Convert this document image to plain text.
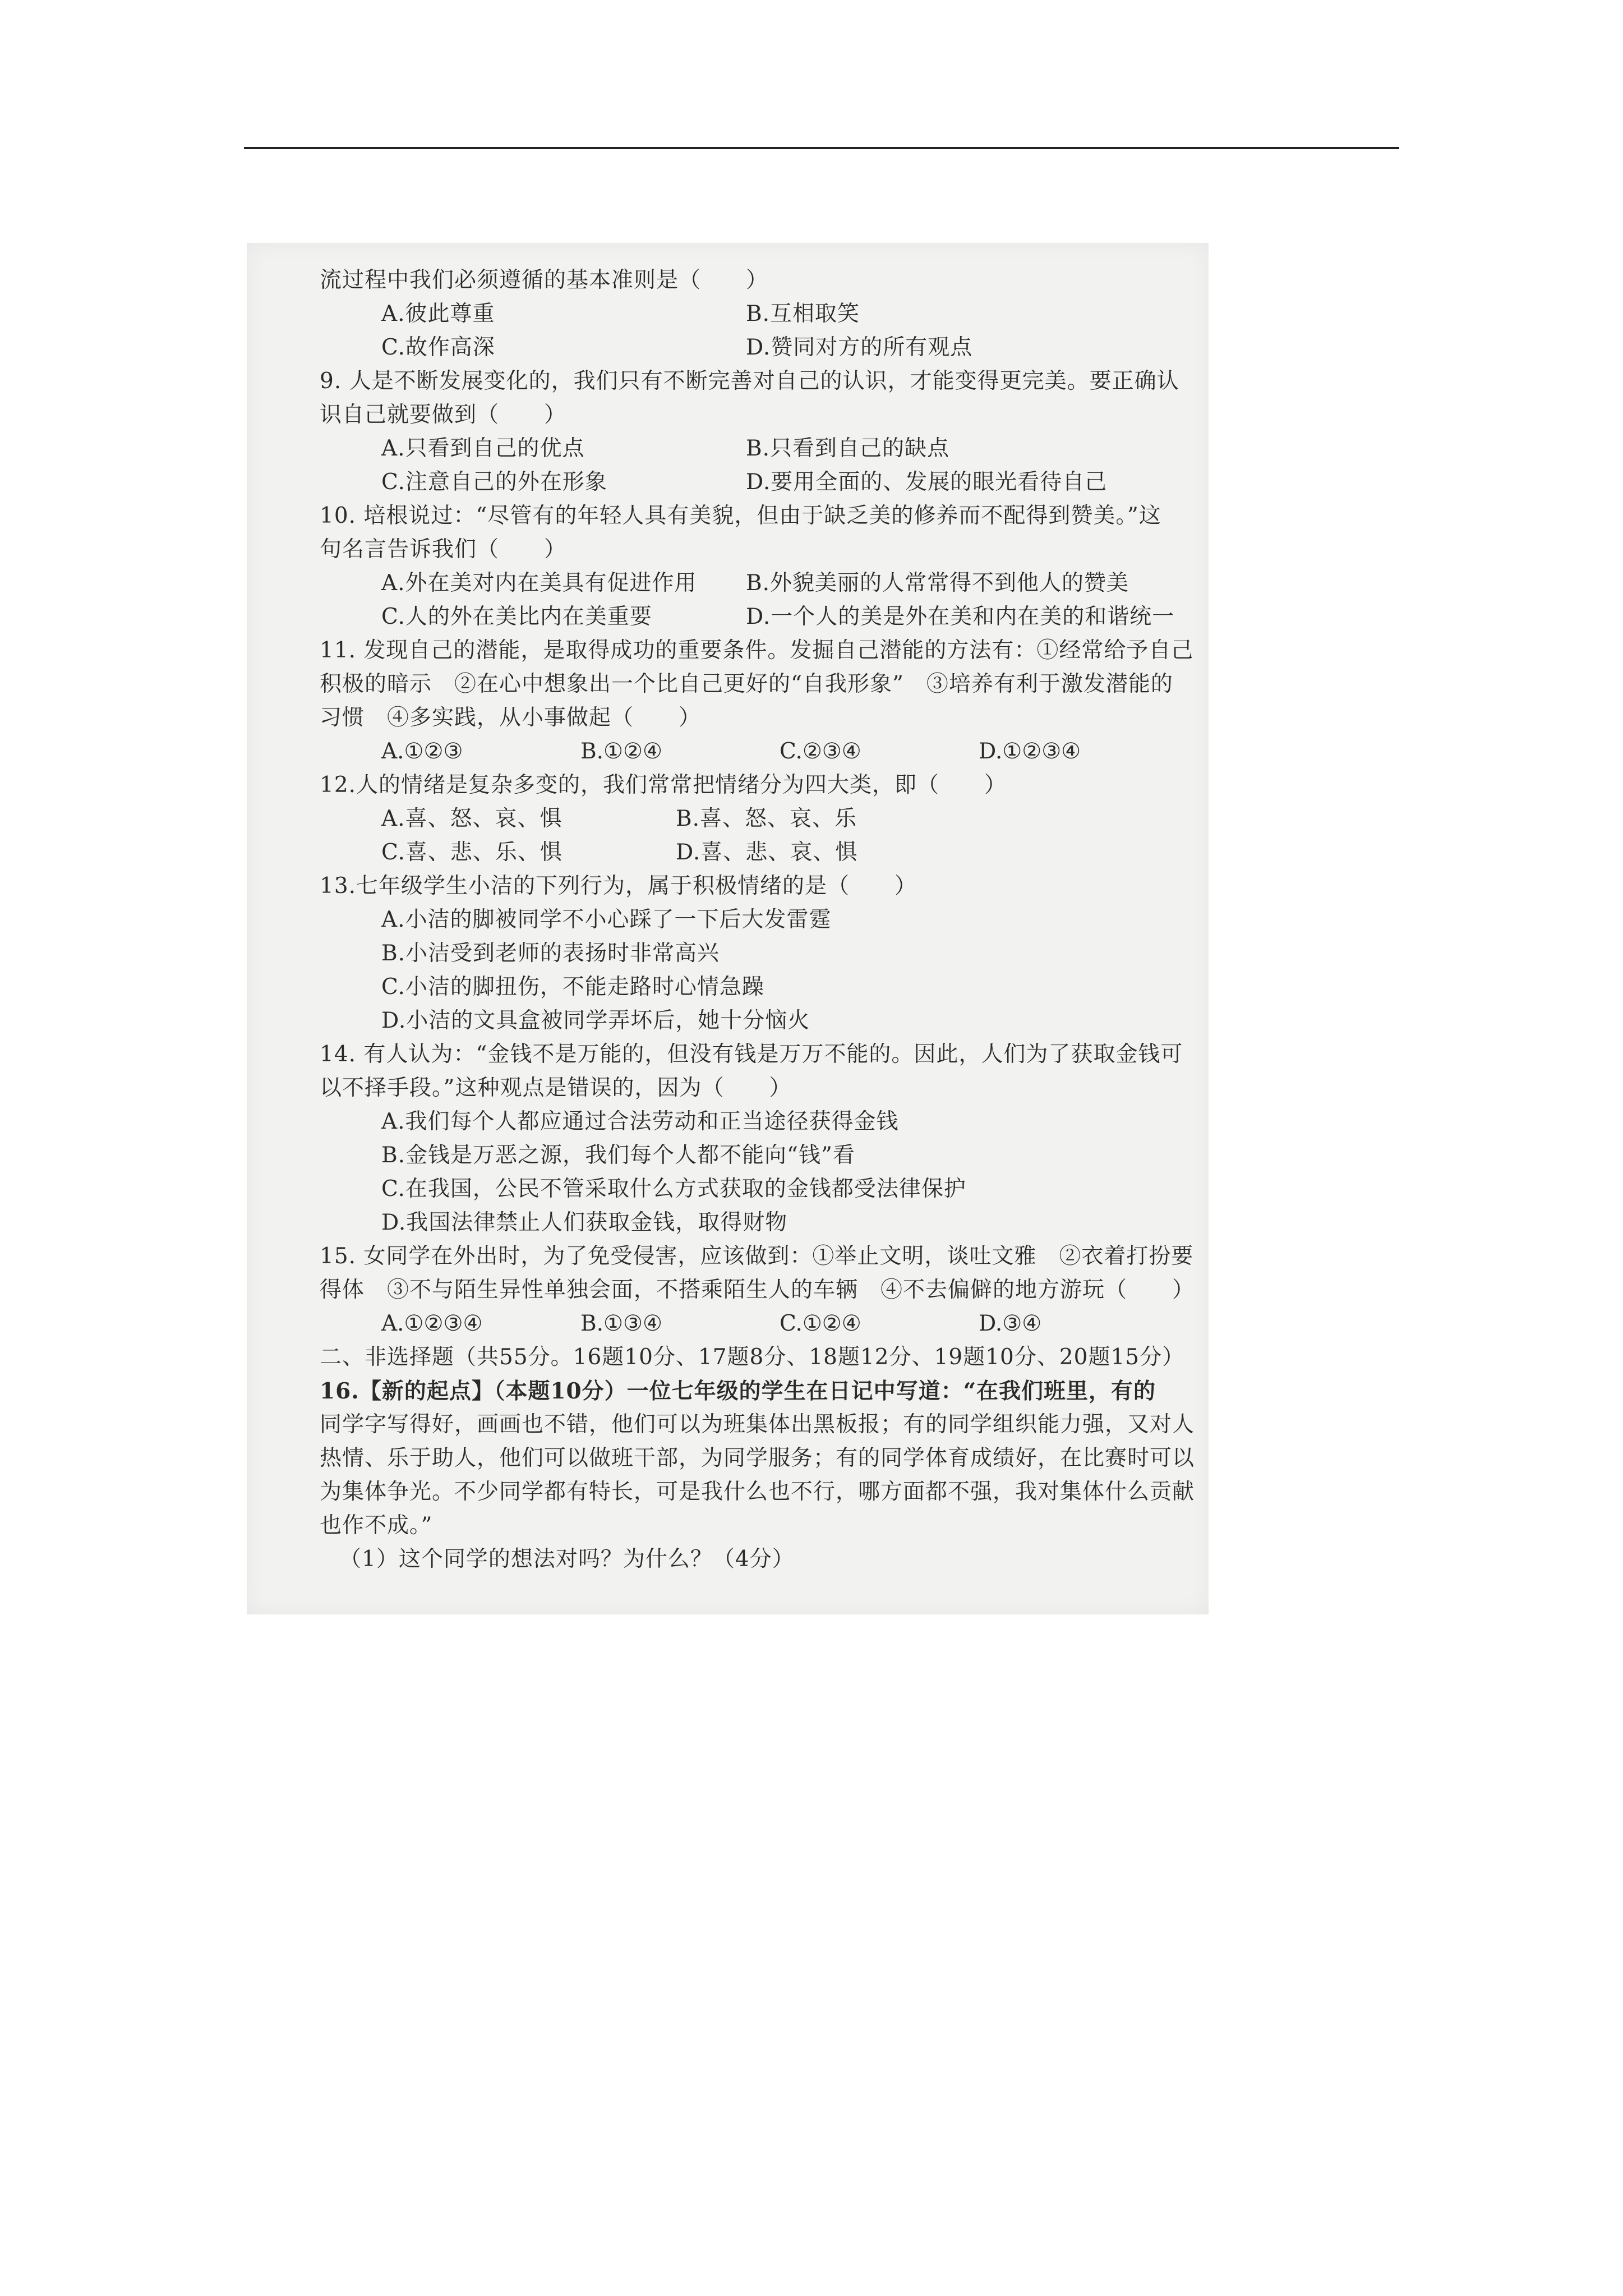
流过程中我们必须遵循的基本准则是（　　）
A.彼此尊重	B.互相取笑
C.故作高深	D.赞同对方的所有观点
9. 人是不断发展变化的，我们只有不断完善对自己的认识，才能变得更完美。要正确认
识自己就要做到（　　）
A.只看到自己的优点	B.只看到自己的缺点
C.注意自己的外在形象	D.要用全面的、发展的眼光看待自己
10. 培根说过：“尽管有的年轻人具有美貌，但由于缺乏美的修养而不配得到赞美。”这
句名言告诉我们（　　）
A.外在美对内在美具有促进作用	B.外貌美丽的人常常得不到他人的赞美
C.人的外在美比内在美重要	D.一个人的美是外在美和内在美的和谐统一
11. 发现自己的潜能，是取得成功的重要条件。发掘自己潜能的方法有：①经常给予自己
积极的暗示　②在心中想象出一个比自己更好的“自我形象”　③培养有利于激发潜能的
习惯　④多实践，从小事做起（　　）
A.①②③	B.①②④	C.②③④	D.①②③④
12.人的情绪是复杂多变的，我们常常把情绪分为四大类，即（　　）
A.喜、怒、哀、惧	B.喜、怒、哀、乐
C.喜、悲、乐、惧	D.喜、悲、哀、惧
13.七年级学生小洁的下列行为，属于积极情绪的是（　　）
A.小洁的脚被同学不小心踩了一下后大发雷霆
B.小洁受到老师的表扬时非常高兴
C.小洁的脚扭伤，不能走路时心情急躁
D.小洁的文具盒被同学弄坏后，她十分恼火
14. 有人认为：“金钱不是万能的，但没有钱是万万不能的。因此，人们为了获取金钱可
以不择手段。”这种观点是错误的，因为（　　）
A.我们每个人都应通过合法劳动和正当途径获得金钱
B.金钱是万恶之源，我们每个人都不能向“钱”看
C.在我国，公民不管采取什么方式获取的金钱都受法律保护
D.我国法律禁止人们获取金钱，取得财物
15. 女同学在外出时，为了免受侵害，应该做到：①举止文明，谈吐文雅　②衣着打扮要
得体　③不与陌生异性单独会面，不搭乘陌生人的车辆　④不去偏僻的地方游玩（　　）
A.①②③④	B.①③④	C.①②④	D.③④
二、非选择题（共55分。16题10分、17题8分、18题12分、19题10分、20题15分）
16.【新的起点】（本题10分）一位七年级的学生在日记中写道：“在我们班里，有的
同学字写得好，画画也不错，他们可以为班集体出黑板报；有的同学组织能力强，又对人
热情、乐于助人，他们可以做班干部，为同学服务；有的同学体育成绩好，在比赛时可以
为集体争光。不少同学都有特长，可是我什么也不行，哪方面都不强，我对集体什么贡献
也作不成。”
（1）这个同学的想法对吗？为什么？（4分）
